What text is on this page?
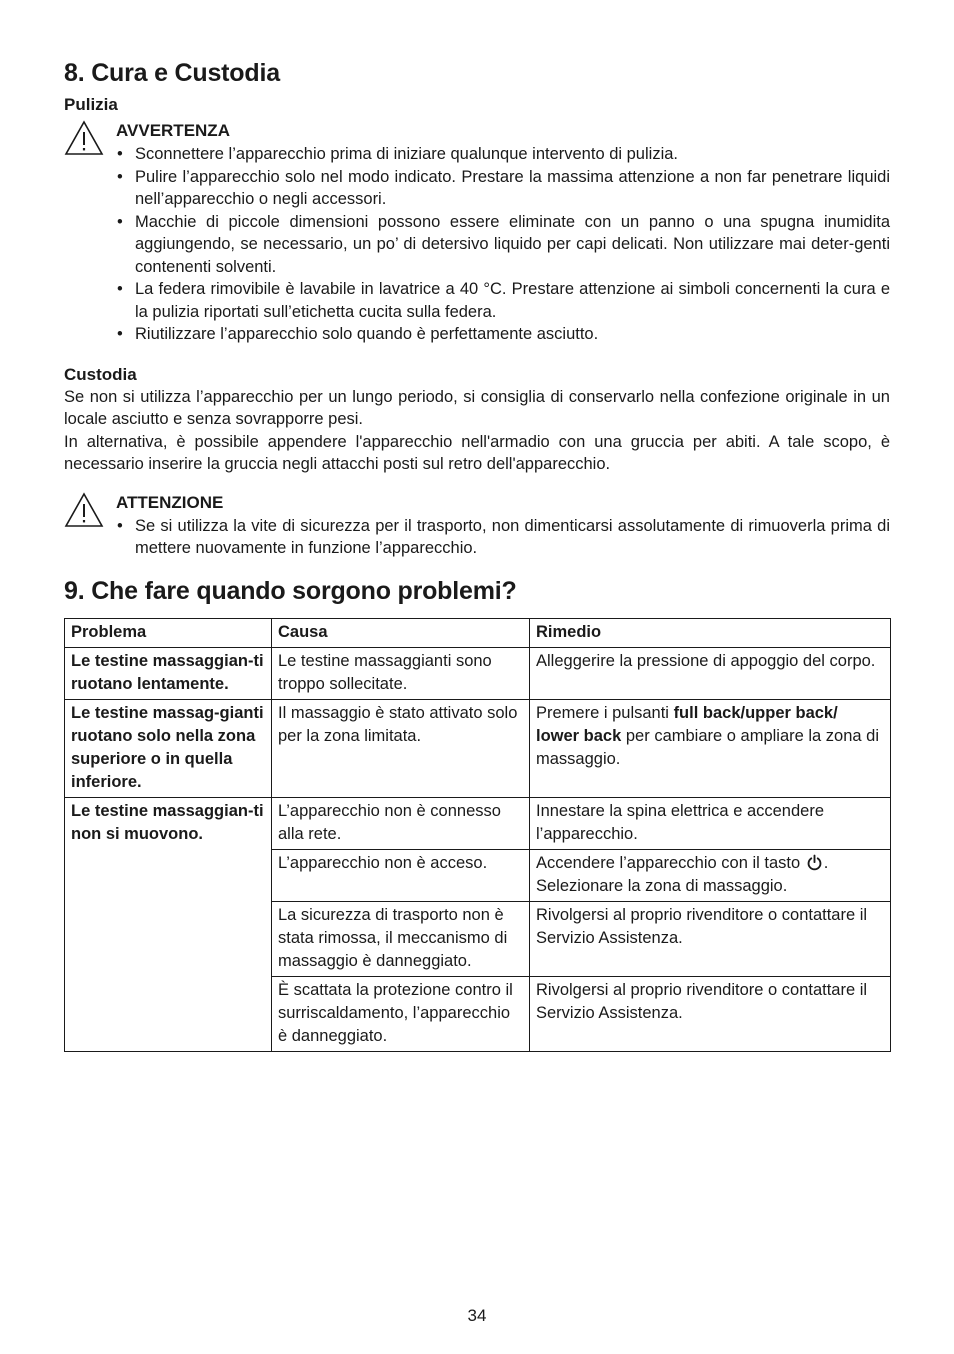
8. Cura e Custodia
Pulizia
AVVERTENZA
• Sconnettere l’apparecchio prima di iniziare qualunque intervento di pulizia.
• Pulire l’apparecchio solo nel modo indicato. Prestare la massima attenzione a non far penetrare liquidi nell’apparecchio o negli accessori.
• Macchie di piccole dimensioni possono essere eliminate con un panno o una spugna inumidita aggiungendo, se necessario, un po’ di detersivo liquido per capi delicati. Non utilizzare mai deter-genti contenenti solventi.
• La federa rimovibile è lavabile in lavatrice a 40 °C. Prestare attenzione ai simboli concernenti la cura e la pulizia riportati sull’etichetta cucita sulla federa.
• Riutilizzare l’apparecchio solo quando è perfettamente asciutto.
Custodia

Se non si utilizza l’apparecchio per un lungo periodo, si consiglia di conservarlo nella confezione originale in un locale asciutto e senza sovrapporre pesi.

In alternativa, è possibile appendere l'apparecchio nell'armadio con una gruccia per abiti. A tale scopo, è necessario inserire la gruccia negli attacchi posti sul retro dell'apparecchio.

ATTENZIONE
• Se si utilizza la vite di sicurezza per il trasporto, non dimenticarsi assolutamente di rimuoverla prima di mettere nuovamente in funzione l’apparecchio.
9. Che fare quando sorgono problemi?
Problema	Causa	Rimedio
Le testine massaggian-ti ruotano lentamente.	Le testine massaggianti sono troppo sollecitate.	Alleggerire la pressione di appoggio del corpo.
Le testine massag-gianti ruotano solo nella zona superiore o in quella inferiore.	Il massaggio è stato attivato solo per la zona limitata.	Premere i pulsanti full back/upper back/ lower back per cambiare o ampliare la zona di massaggio.
Le testine massaggian-ti non si muovono.	L’apparecchio non è connesso alla rete.	Innestare la spina elettrica e accendere l’apparecchio.
	L’apparecchio non è acceso.	Accendere l’apparecchio con il tasto . Selezionare la zona di massaggio.
	La sicurezza di trasporto non è stata rimossa, il meccanismo di massaggio è danneggiato.	Rivolgersi al proprio rivenditore o contattare il Servizio Assistenza.
	È scattata la protezione contro il surriscaldamento, l’apparecchio è danneggiato.	Rivolgersi al proprio rivenditore o contattare il Servizio Assistenza.
34
